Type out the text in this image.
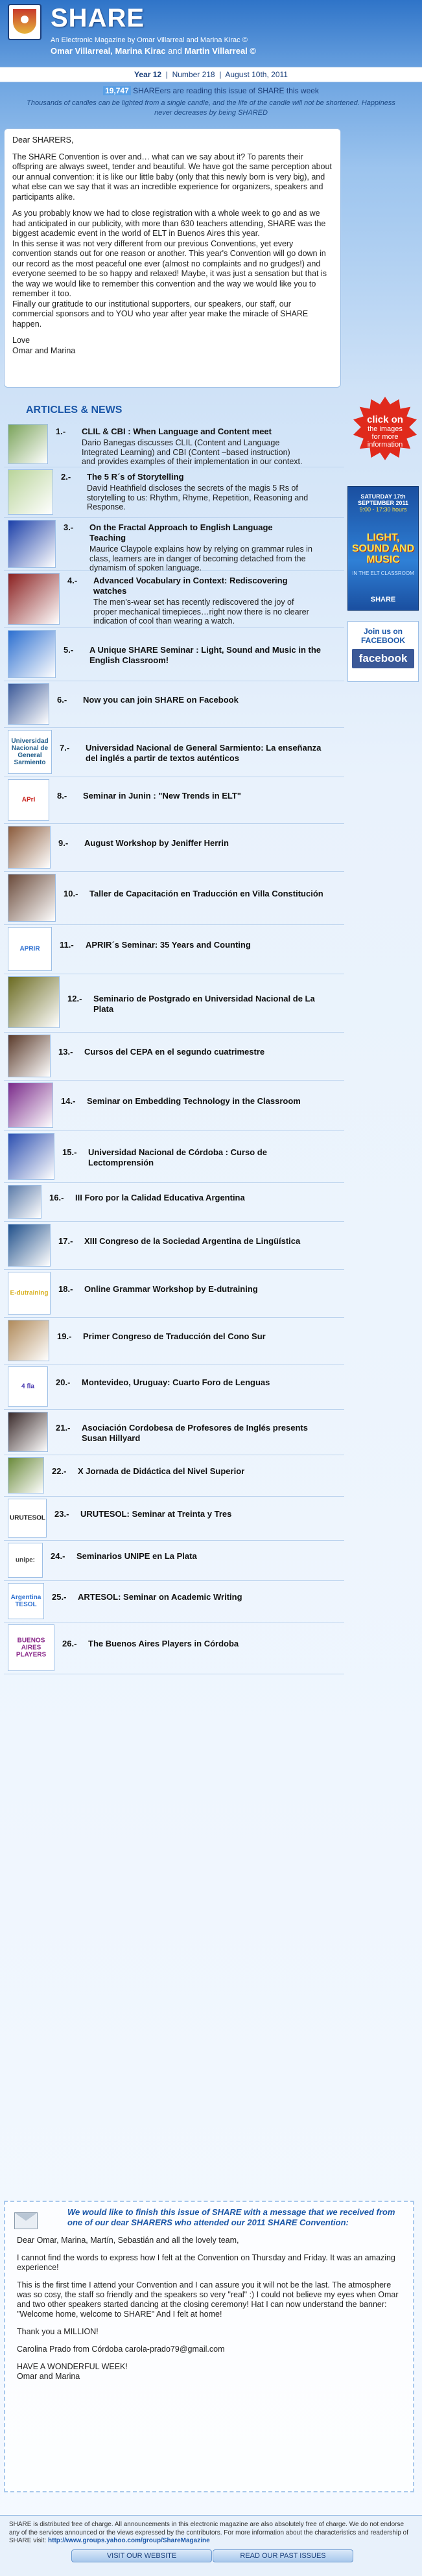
SHARE
An Electronic Magazine by Omar Villarreal and Marina Kirac ©
Omar Villarreal, Marina Kirac and Martin Villarreal ©
Year 12 | Number 218 | August 10th, 2011
19,747 SHAREers are reading this issue of SHARE this week
Thousands of candles can be lighted from a single candle, and the life of the candle will not be shortened. Happiness never decreases by being SHARED

Dear SHARERS,

The SHARE Convention is over and… what can we say about it? To parents their offspring are always sweet, tender and beautiful. We have got the same perception about our annual convention: it is like our little baby (only that this newly born is very big), and what else can we say that it was an incredible experience for organizers, speakers and participants alike.

As you probably know we had to close registration with a whole week to go and as we had anticipated in our publicity, with more than 630 teachers attending, SHARE was the biggest academic event in the world of ELT in Buenos Aires this year.

In this sense it was not very different from our previous Conventions, yet every convention stands out for one reason or another. This year's Convention will go down in our record as the most peaceful one ever (almost no complaints and no grudges!) and everyone seemed to be so happy and relaxed! Maybe, it was just a sensation but that is the way we would like to remember this convention and the way we would like you to remember it too.

Finally our gratitude to our institutional supporters, our speakers, our staff, our commercial sponsors and to YOU who year after year make the miracle of SHARE happen.

Love

Omar and Marina

ARTICLES & NEWS
click on
the images
for more
information
SATURDAY 17th SEPTEMBER 2011
9:00 - 17:30 hours
LIGHT, SOUND AND MUSIC
IN THE ELT CLASSROOM
SHARE
Join us on FACEBOOK
facebook
1.- CLIL & CBI : When Language and Content meet
Dario Banegas discusses CLIL (Content and Language Integrated Learning) and CBI (Content –based instruction) and provides examples of their implementation in our context.
2.- The 5 R´s of Storytelling
David Heathfield discloses the secrets of the magis 5 Rs of storytelling to us: Rhythm, Rhyme, Repetition, Reasoning and Response.
3.- On the Fractal Approach to English Language Teaching
Maurice Claypole explains how by relying on grammar rules in class, learners are in danger of becoming detached from the dynamism of spoken language.
4.- Advanced Vocabulary in Context: Rediscovering watches
The men's-wear set has recently rediscovered the joy of proper mechanical timepieces…right now there is no clearer indication of cool than wearing a watch.
5.- A Unique SHARE Seminar : Light, Sound and Music in the English Classroom!
6.- Now you can join SHARE on Facebook
Universidad Nacional de General Sarmiento
7.- Universidad Nacional de General Sarmiento: La enseñanza del inglés a partir de textos auténticos
APrI	8.- Seminar in Junin : "New Trends in ELT"
9.- August Workshop by Jeniffer Herrin
10.- Taller de Capacitación en Traducción en Villa Constitución
APRIR	11.- APRIR´s Seminar: 35 Years and Counting
12.- Seminario de Postgrado en Universidad Nacional de La Plata
13.- Cursos del CEPA en el segundo cuatrimestre
14.- Seminar on Embedding Technology in the Classroom
15.- Universidad Nacional de Córdoba : Curso de Lectomprensión
16.- III Foro por la Calidad Educativa Argentina
17.- XIII Congreso de la Sociedad Argentina de Lingüística
E-dutraining 18.- Online Grammar Workshop by E-dutraining
19.- Primer Congreso de Traducción del Cono Sur
4 fla	20.- Montevideo, Uruguay: Cuarto Foro de Lenguas
21.- Asociación Cordobesa de Profesores de Inglés presents Susan Hillyard
22.- X Jornada de Didáctica del Nivel Superior
URUTESOL 23.- URUTESOL: Seminar at Treinta y Tres
unipe:	24.- Seminarios UNIPE en La Plata
Argentina TESOL
25.- ARTESOL: Seminar on Academic Writing
BUENOS AIRES PLAYERS
26.- The Buenos Aires Players in Córdoba
We would like to finish this issue of SHARE with a message that we received from one of our dear SHARERS who attended our 2011 SHARE Convention:

Dear Omar, Marina, Martín, Sebastián and all the lovely team,

I cannot find the words to express how I felt at the Convention on Thursday and Friday. It was an amazing experience!

This is the first time I attend your Convention and I can assure you it will not be the last. The atmosphere was so cosy, the staff so friendly and the speakers so very "real" :) I could not believe my eyes when Omar and two other speakers started dancing at the closing ceremony! Hat I can now understand the banner: "Welcome home, welcome to SHARE" And I felt at home!

Thank you a MILLION!

Carolina Prado from Córdoba carola-prado79@gmail.com

HAVE A WONDERFUL WEEK!

Omar and Marina

SHARE is distributed free of charge. All announcements in this electronic magazine are also absolutely free of charge. We do not endorse any of the services announced or the views expressed by the contributors. For more information about the characteristics and readership of SHARE visit: http://www.groups.yahoo.com/group/ShareMagazine
VISIT OUR WEBSITE	READ OUR PAST ISSUES
